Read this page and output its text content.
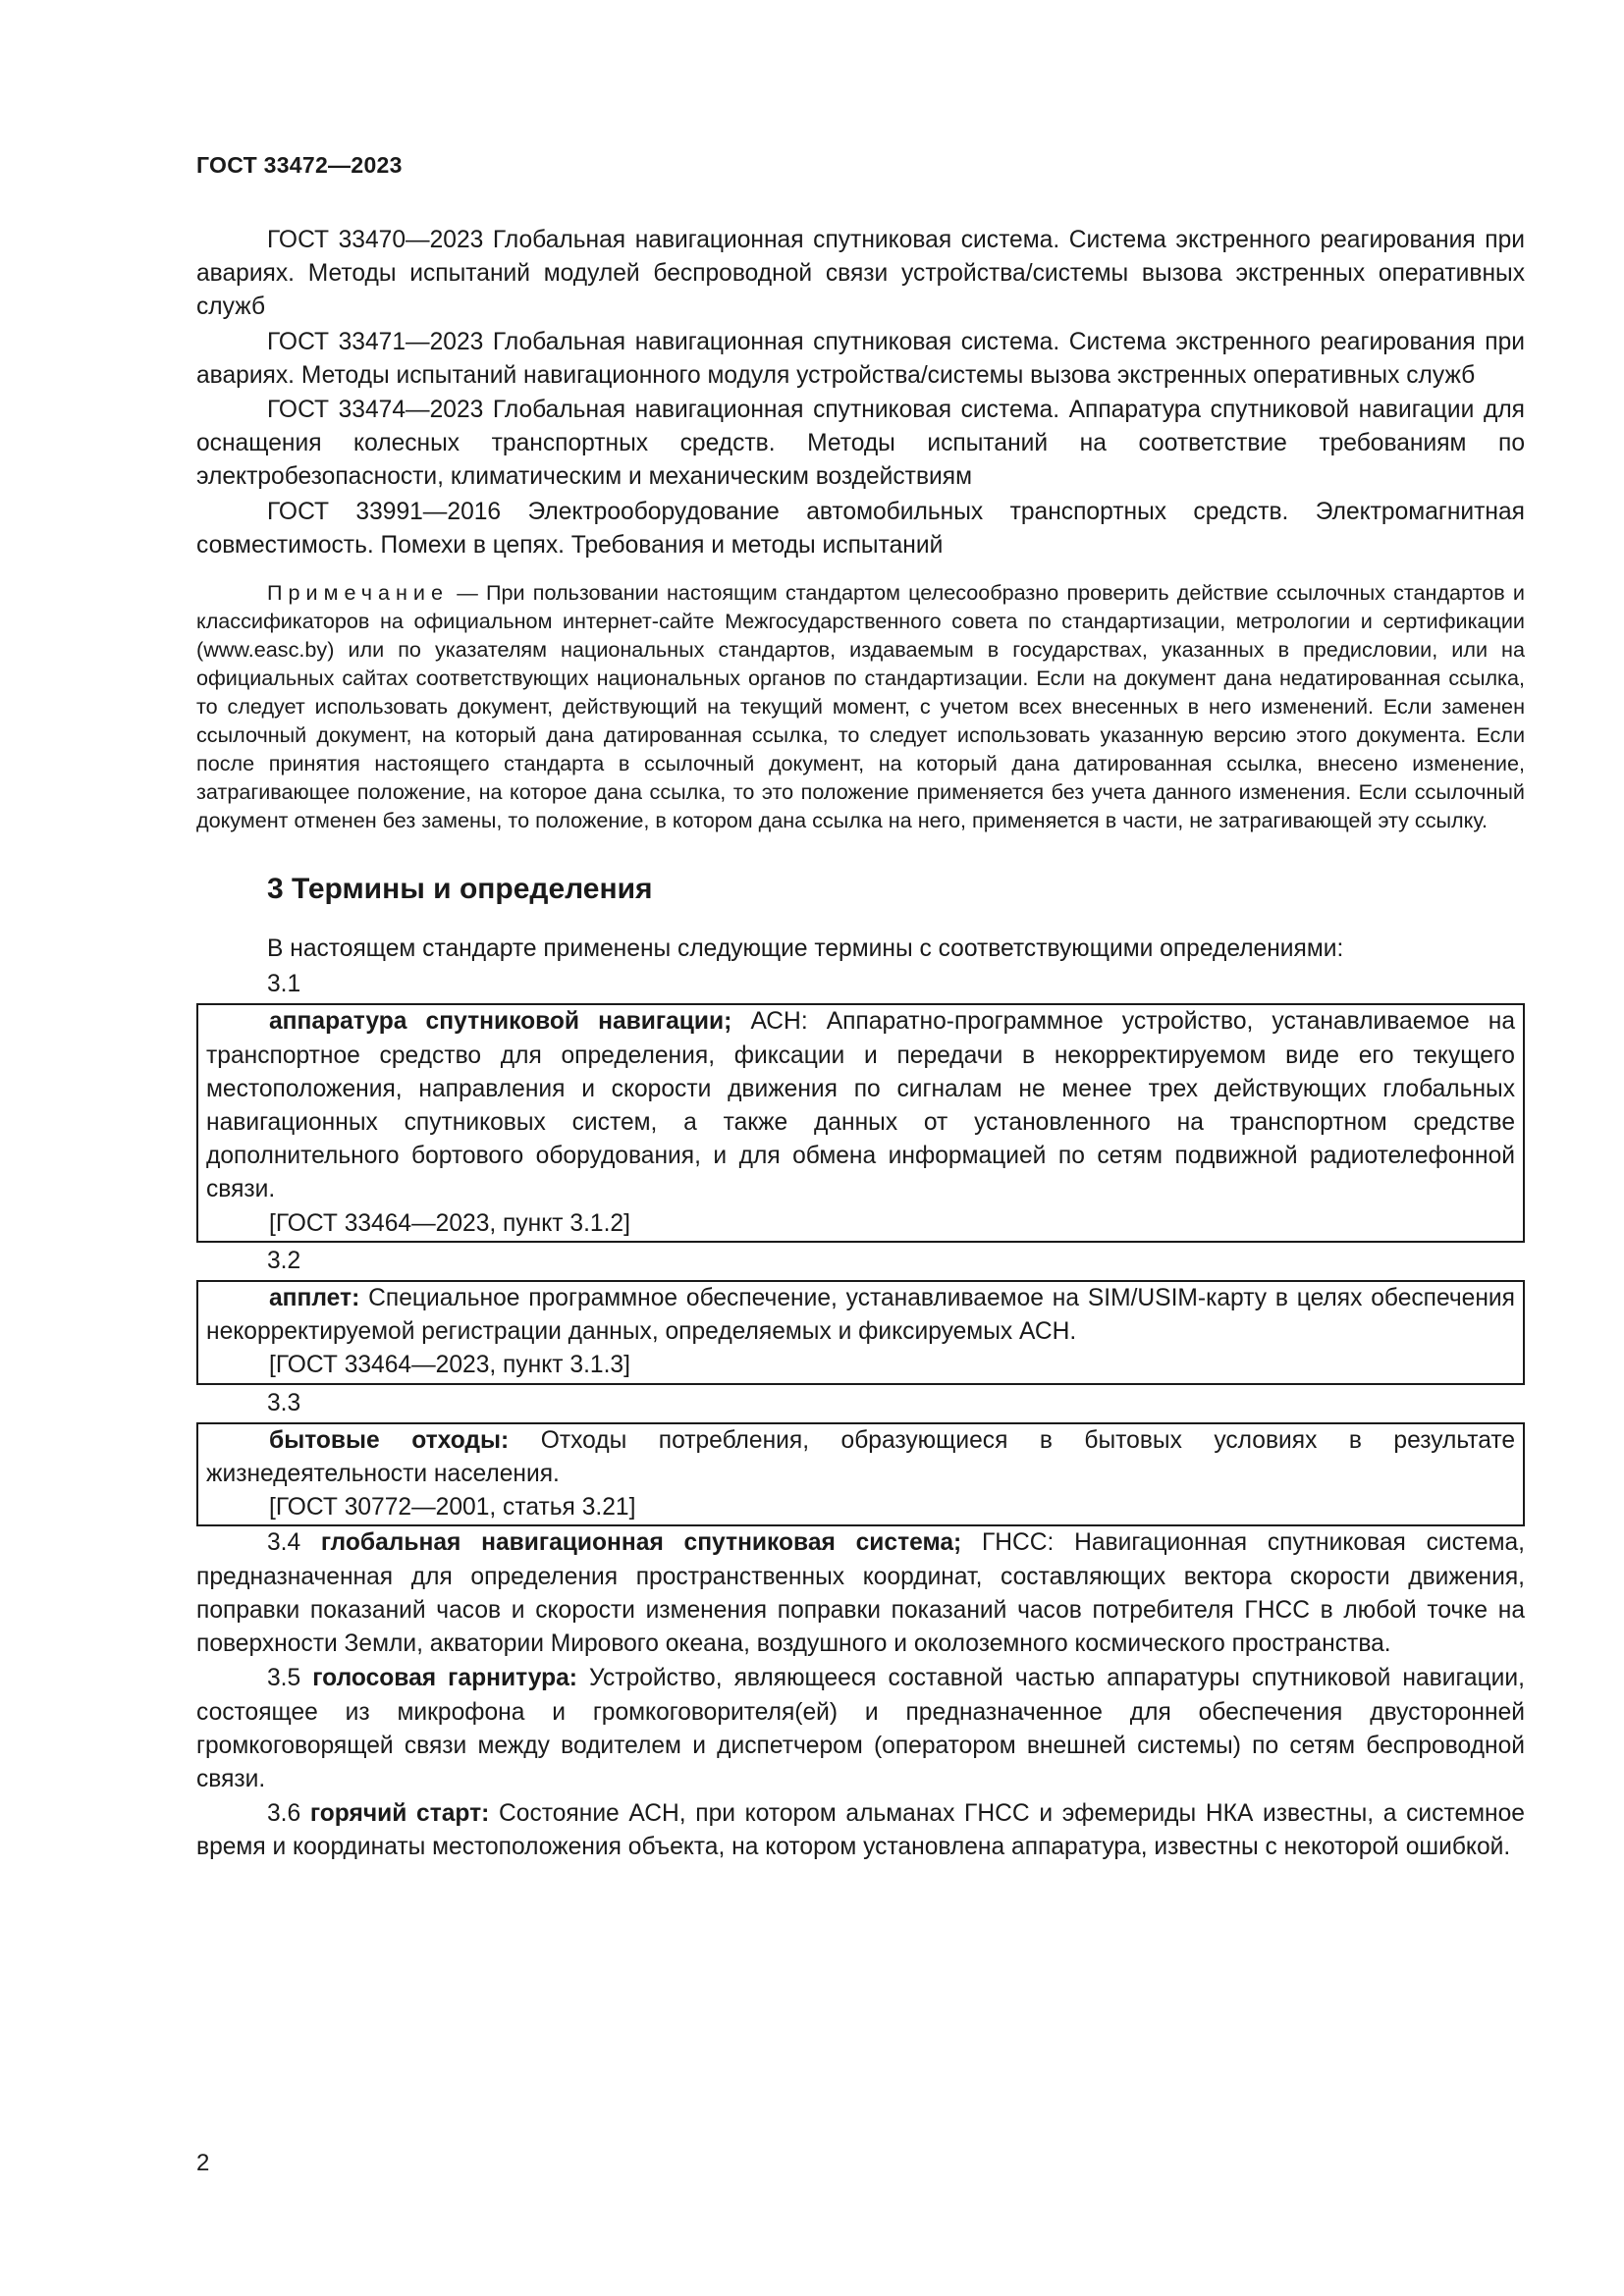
ГОСТ 33472—2023

ГОСТ 33470—2023 Глобальная навигационная спутниковая система. Система экстренного реагирования при авариях. Методы испытаний модулей беспроводной связи устройства/системы вызова экстренных оперативных служб

ГОСТ 33471—2023 Глобальная навигационная спутниковая система. Система экстренного реагирования при авариях. Методы испытаний навигационного модуля устройства/системы вызова экстренных оперативных служб

ГОСТ 33474—2023 Глобальная навигационная спутниковая система. Аппаратура спутниковой навигации для оснащения колесных транспортных средств. Методы испытаний на соответствие требованиям по электробезопасности, климатическим и механическим воздействиям

ГОСТ 33991—2016 Электрооборудование автомобильных транспортных средств. Электромагнитная совместимость. Помехи в цепях. Требования и методы испытаний

Примечание — При пользовании настоящим стандартом целесообразно проверить действие ссылочных стандартов и классификаторов на официальном интернет-сайте Межгосударственного совета по стандартизации, метрологии и сертификации (www.easc.by) или по указателям национальных стандартов, издаваемым в государствах, указанных в предисловии, или на официальных сайтах соответствующих национальных органов по стандартизации. Если на документ дана недатированная ссылка, то следует использовать документ, действующий на текущий момент, с учетом всех внесенных в него изменений. Если заменен ссылочный документ, на который дана датированная ссылка, то следует использовать указанную версию этого документа. Если после принятия настоящего стандарта в ссылочный документ, на который дана датированная ссылка, внесено изменение, затрагивающее положение, на которое дана ссылка, то это положение применяется без учета данного изменения. Если ссылочный документ отменен без замены, то положение, в котором дана ссылка на него, применяется в части, не затрагивающей эту ссылку.

3 Термины и определения
В настоящем стандарте применены следующие термины с соответствующими определениями:
3.1

аппаратура спутниковой навигации; АСН: Аппаратно-программное устройство, устанавливаемое на транспортное средство для определения, фиксации и передачи в некорректируемом виде его текущего местоположения, направления и скорости движения по сигналам не менее трех действующих глобальных навигационных спутниковых систем, а также данных от установленного на транспортном средстве дополнительного бортового оборудования, и для обмена информацией по сетям подвижной радиотелефонной связи.

[ГОСТ 33464—2023, пункт 3.1.2]

3.2

апплет: Специальное программное обеспечение, устанавливаемое на SIM/USIM-карту в целях обеспечения некорректируемой регистрации данных, определяемых и фиксируемых АСН.

[ГОСТ 33464—2023, пункт 3.1.3]

3.3

бытовые отходы: Отходы потребления, образующиеся в бытовых условиях в результате жизнедеятельности населения.

[ГОСТ 30772—2001, статья 3.21]

3.4 глобальная навигационная спутниковая система; ГНСС: Навигационная спутниковая система, предназначенная для определения пространственных координат, составляющих вектора скорости движения, поправки показаний часов и скорости изменения поправки показаний часов потребителя ГНСС в любой точке на поверхности Земли, акватории Мирового океана, воздушного и околоземного космического пространства.

3.5 голосовая гарнитура: Устройство, являющееся составной частью аппаратуры спутниковой навигации, состоящее из микрофона и громкоговорителя(ей) и предназначенное для обеспечения двусторонней громкоговорящей связи между водителем и диспетчером (оператором внешней системы) по сетям беспроводной связи.

3.6 горячий старт: Состояние АСН, при котором альманах ГНСС и эфемериды НКА известны, а системное время и координаты местоположения объекта, на котором установлена аппаратура, известны с некоторой ошибкой.

2
